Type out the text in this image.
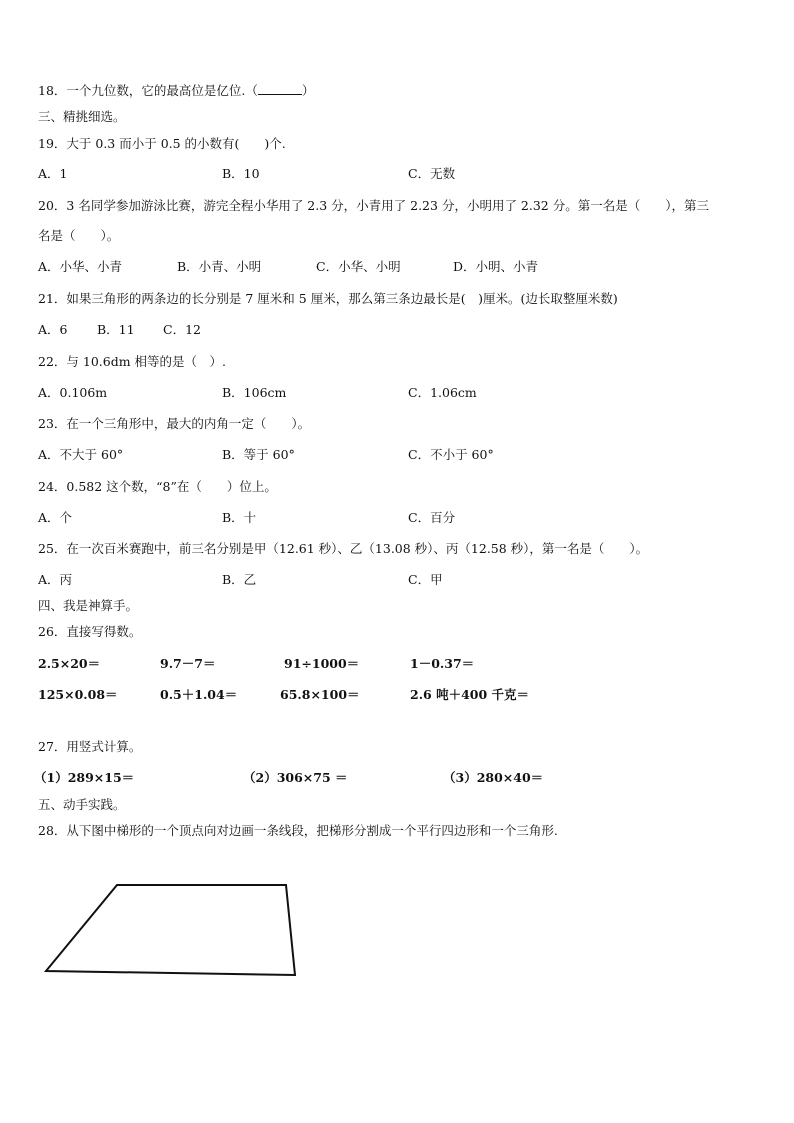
18．一个九位数，它的最高位是亿位.（	）
三、精挑细选。
19．大于 0.3 而小于 0.5 的小数有(　　)个.
A．1	B．10	C．无数
20．3 名同学参加游泳比赛，游完全程小华用了 2.3 分，小青用了 2.23 分，小明用了 2.32 分。第一名是（　　），第三
名是（　　）。
A．小华、小青	B．小青、小明	C．小华、小明	D．小明、小青
21．如果三角形的两条边的长分别是 7 厘米和 5 厘米，那么第三条边最长是(　)厘米。(边长取整厘米数)
A．6 B．11 C．12
22．与 10.6dm 相等的是（　）.
A．0.106m	B．106cm	C．1.06cm
23．在一个三角形中，最大的内角一定（　　）。
A．不大于 60°	B．等于 60°	C．不小于 60°
24．0.582 这个数，“8”在（　　）位上。
A．个	B．十	C．百分
25．在一次百米赛跑中，前三名分别是甲（12.61 秒）、乙（13.08 秒）、丙（12.58 秒），第一名是（　　）。
A．丙	B．乙	C．甲
四、我是神算手。
26．直接写得数。
2.5×20＝	9.7－7＝	91÷1000＝	1－0.37＝
125×0.08＝	0.5＋1.04＝	65.8×100＝	2.6 吨＋400 千克＝
27．用竖式计算。
（1）289×15＝	（2）306×75 ＝	（3）280×40＝
五、动手实践。
28．从下图中梯形的一个顶点向对边画一条线段，把梯形分割成一个平行四边形和一个三角形.
